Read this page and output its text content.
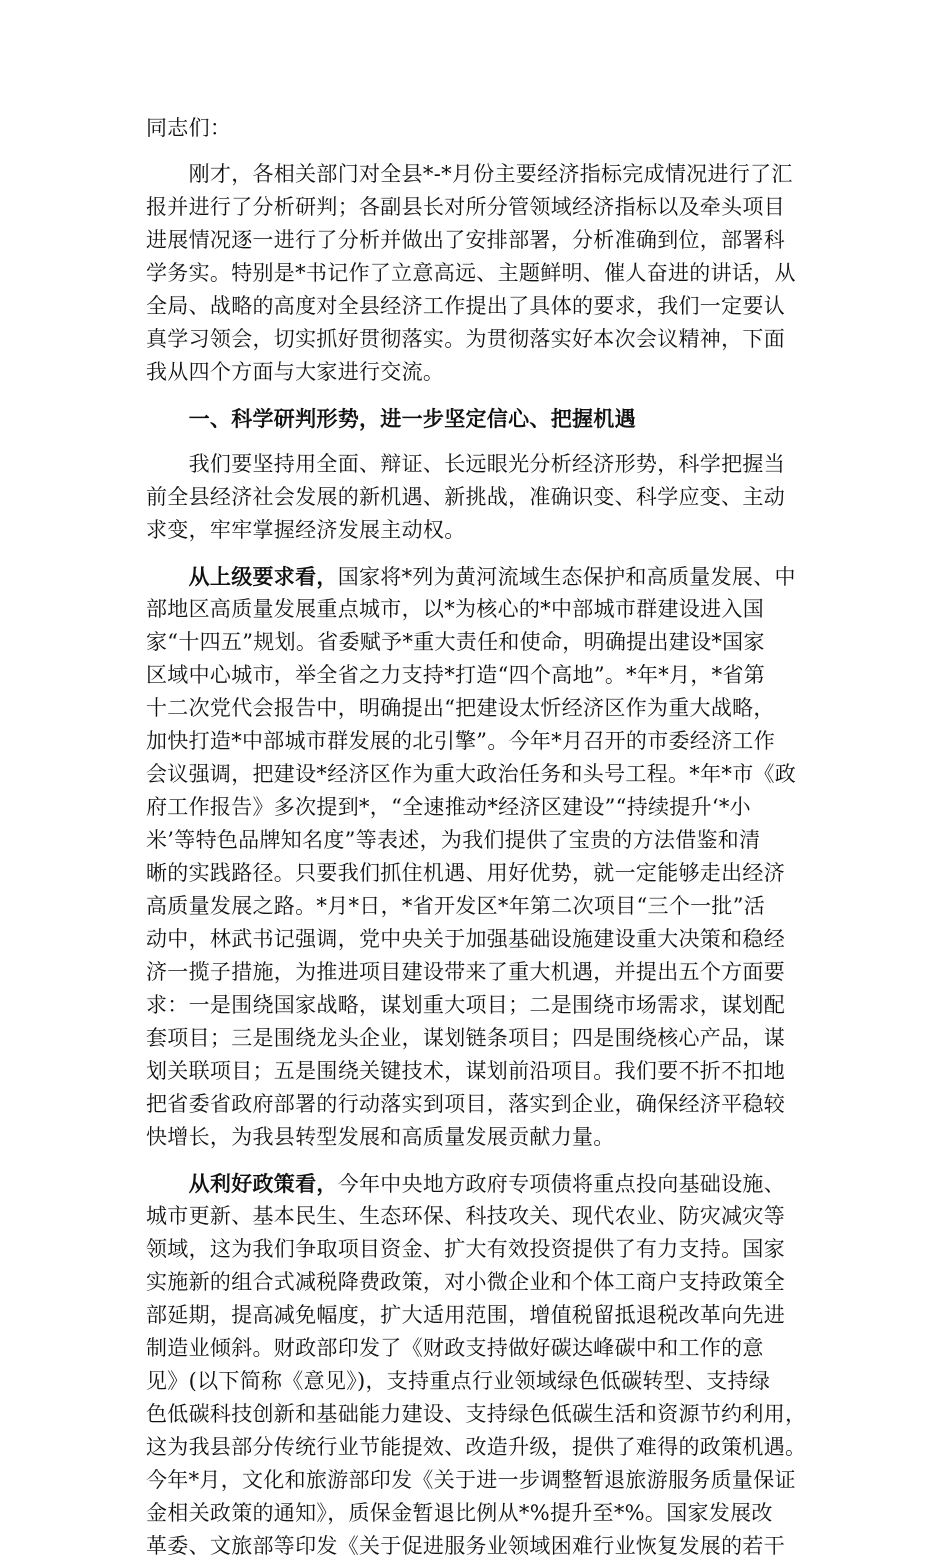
同志们：
　　刚才，各相关部门对全县*-*月份主要经济指标完成情况进行了汇
报并进行了分析研判；各副县长对所分管领域经济指标以及牵头项目
进展情况逐一进行了分析并做出了安排部署，分析准确到位，部署科
学务实。特别是*书记作了立意高远、主题鲜明、催人奋进的讲话，从
全局、战略的高度对全县经济工作提出了具体的要求，我们一定要认
真学习领会，切实抓好贯彻落实。为贯彻落实好本次会议精神，下面
我从四个方面与大家进行交流。
　　一、科学研判形势，进一步坚定信心、把握机遇
　　我们要坚持用全面、辩证、长远眼光分析经济形势，科学把握当
前全县经济社会发展的新机遇、新挑战，准确识变、科学应变、主动
求变，牢牢掌握经济发展主动权。
　　从上级要求看，国家将*列为黄河流域生态保护和高质量发展、中
部地区高质量发展重点城市，以*为核心的*中部城市群建设进入国
家“十四五”规划。省委赋予*重大责任和使命，明确提出建设*国家
区域中心城市，举全省之力支持*打造“四个高地”。*年*月，*省第
十二次党代会报告中，明确提出“把建设太忻经济区作为重大战略，
加快打造*中部城市群发展的北引擎”。今年*月召开的市委经济工作
会议强调，把建设*经济区作为重大政治任务和头号工程。*年*市《政
府工作报告》多次提到*，“全速推动*经济区建设”“持续提升‘*小
米’等特色品牌知名度”等表述，为我们提供了宝贵的方法借鉴和清
晰的实践路径。只要我们抓住机遇、用好优势，就一定能够走出经济
高质量发展之路。*月*日，*省开发区*年第二次项目“三个一批”活
动中，林武书记强调，党中央关于加强基础设施建设重大决策和稳经
济一揽子措施，为推进项目建设带来了重大机遇，并提出五个方面要
求：一是围绕国家战略，谋划重大项目；二是围绕市场需求，谋划配
套项目；三是围绕龙头企业，谋划链条项目；四是围绕核心产品，谋
划关联项目；五是围绕关键技术，谋划前沿项目。我们要不折不扣地
把省委省政府部署的行动落实到项目，落实到企业，确保经济平稳较
快增长，为我县转型发展和高质量发展贡献力量。
　　从利好政策看，今年中央地方政府专项债将重点投向基础设施、
城市更新、基本民生、生态环保、科技攻关、现代农业、防灾减灾等
领域，这为我们争取项目资金、扩大有效投资提供了有力支持。国家
实施新的组合式减税降费政策，对小微企业和个体工商户支持政策全
部延期，提高减免幅度，扩大适用范围，增值税留抵退税改革向先进
制造业倾斜。财政部印发了《财政支持做好碳达峰碳中和工作的意
见》(以下简称《意见》)，支持重点行业领域绿色低碳转型、支持绿
色低碳科技创新和基础能力建设、支持绿色低碳生活和资源节约利用，
这为我县部分传统行业节能提效、改造升级，提供了难得的政策机遇。
今年*月，文化和旅游部印发《关于进一步调整暂退旅游服务质量保证
金相关政策的通知》，质保金暂退比例从*%提升至*%。国家发展改
革委、文旅部等印发《关于促进服务业领域困难行业恢复发展的若干
